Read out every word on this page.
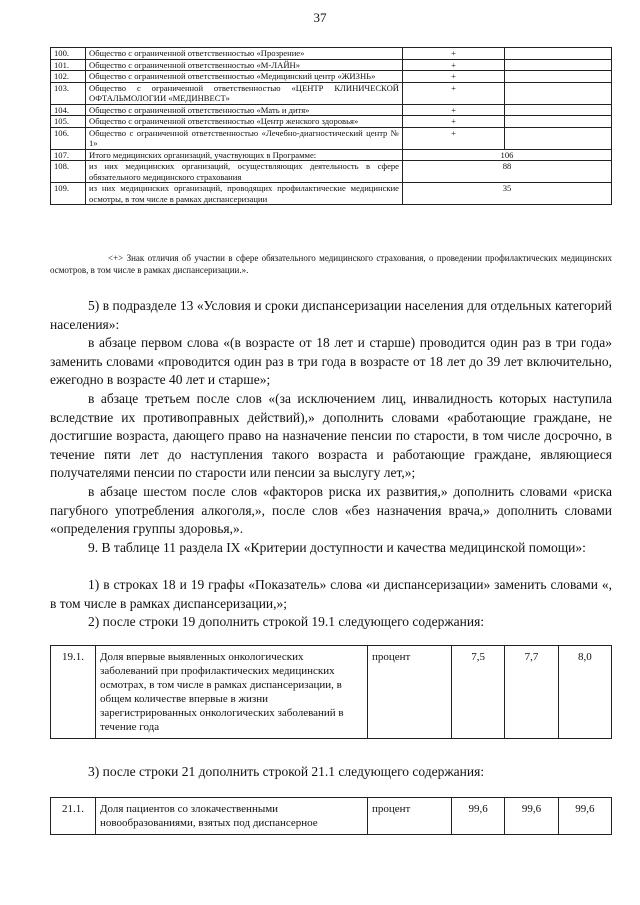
37
100.	Общество с ограниченной ответственностью «Прозрение»	+	
101.	Общество с ограниченной ответственностью «М-ЛАЙН»	+	
102.	Общество с ограниченной ответственностью «Медицинский центр «ЖИЗНЬ»	+	
103.	Общество с ограниченной ответственностью «ЦЕНТР КЛИНИЧЕСКОЙ ОФТАЛЬМОЛОГИИ «МЕДИНВЕСТ»	+	
104.	Общество с ограниченной ответственностью «Мать и дитя»	+	
105.	Общество с ограниченной ответственностью «Центр женского здоровья»	+	
106.	Общество с ограниченной ответственностью «Лечебно-диагностический центр № 1»	+	
107.	Итого медицинских организаций, участвующих в Программе:	106	
108.	из них медицинских организаций, осуществляющих деятельность в сфере обязательного медицинского страхования	88	
109.	из них медицинских организаций, проводящих профилактические медицинские осмотры, в том числе в рамках диспансеризации	35	

<+> Знак отличия об участии в сфере обязательного медицинского страхования, о проведении профилактических медицинских осмотров, в том числе в рамках диспансеризации.».

5) в подразделе 13 «Условия и сроки диспансеризации населения для отдельных категорий населения»:

в абзаце первом слова «(в возрасте от 18 лет и старше) проводится один раз в три года» заменить словами «проводится один раз в три года в возрасте от 18 лет до 39 лет включительно, ежегодно в возрасте 40 лет и старше»;

в абзаце третьем после слов «(за исключением лиц, инвалидность которых наступила вследствие их противоправных действий),» дополнить словами «работающие граждане, не достигшие возраста, дающего право на назначение пенсии по старости, в том числе досрочно, в течение пяти лет до наступления такого возраста и работающие граждане, являющиеся получателями пенсии по старости или пенсии за выслугу лет,»;

в абзаце шестом после слов «факторов риска их развития,» дополнить словами «риска пагубного употребления алкоголя,», после слов «без назначения врача,» дополнить словами «определения группы здоровья,».

9. В таблице 11 раздела IX «Критерии доступности и качества медицинской помощи»:

1) в строках 18 и 19 графы «Показатель» слова «и диспансеризации» заменить словами «, в том числе в рамках диспансеризации,»;

2) после строки 19 дополнить строкой 19.1 следующего содержания:

19.1.	Доля впервые выявленных онкологических заболеваний при профилактических медицинских осмотрах, в том числе в рамках диспансеризации, в общем количестве впервые в жизни зарегистрированных онкологических заболеваний в течение года	процент	7,5	7,7	8,0

3) после строки 21 дополнить строкой 21.1 следующего содержания:

21.1.	Доля пациентов со злокачественными новообразованиями, взятых под диспансерное	процент	99,6	99,6	99,6
